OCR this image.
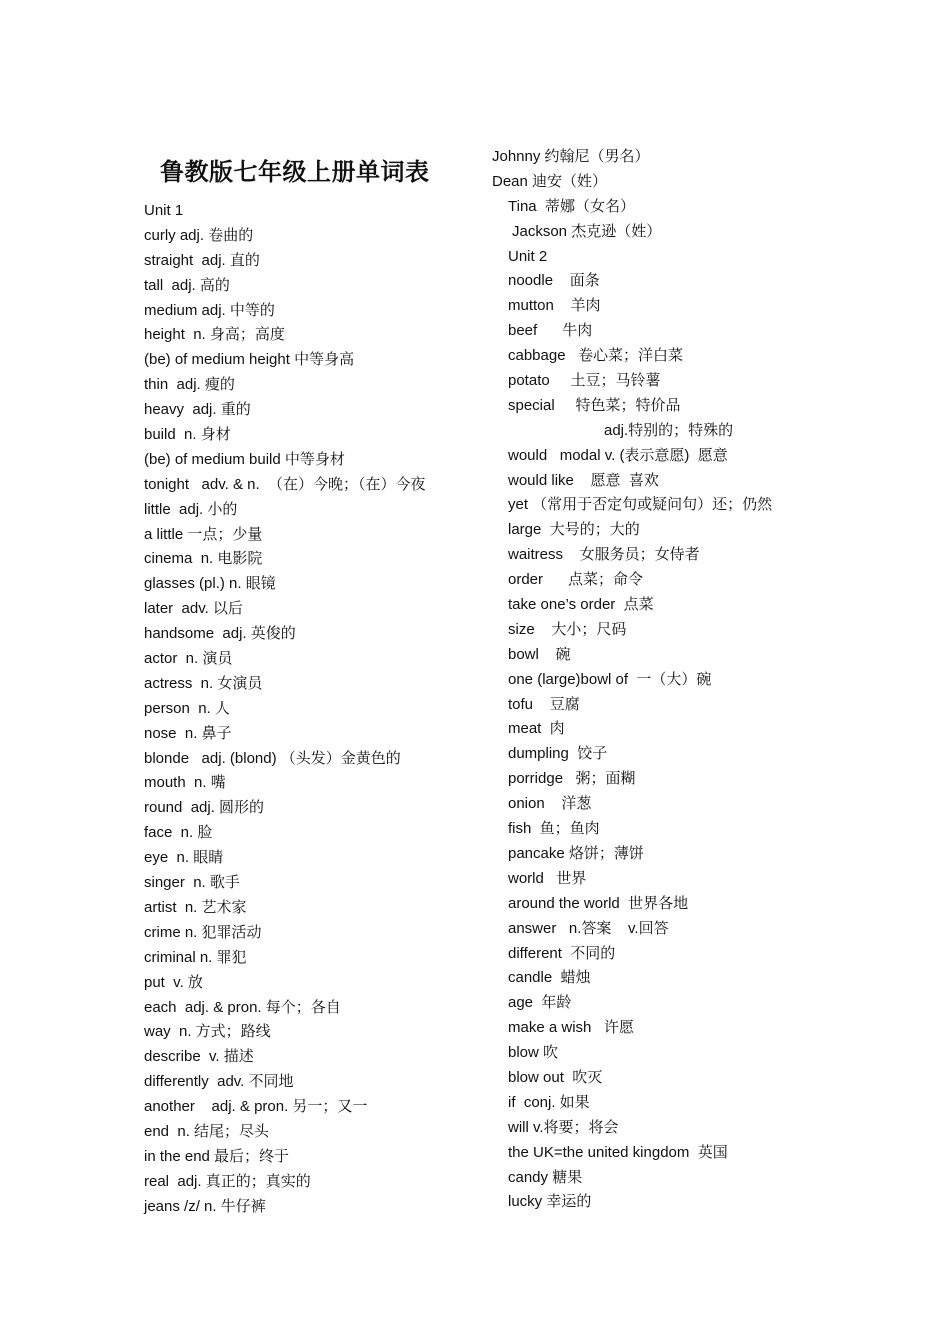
鲁教版七年级上册单词表
Unit 1
curly adj. 卷曲的
straight  adj. 直的
tall  adj. 高的
medium adj. 中等的
height  n. 身高；高度
(be) of medium height 中等身高
thin  adj. 瘦的
heavy  adj. 重的
build  n. 身材
(be) of medium build 中等身材
tonight   adv. & n.  （在）今晚；（在）今夜
little  adj. 小的
a little 一点；少量
cinema  n. 电影院
glasses (pl.) n. 眼镜
later  adv. 以后
handsome  adj. 英俊的
actor  n. 演员
actress  n. 女演员
person  n. 人
nose  n. 鼻子
blonde   adj. (blond) （头发）金黄色的
mouth  n. 嘴
round  adj. 圆形的
face  n. 脸
eye  n. 眼睛
singer  n. 歌手
artist  n. 艺术家
crime n. 犯罪活动
criminal n. 罪犯
put  v. 放
each  adj. & pron. 每个；各自
way  n. 方式；路线
describe  v. 描述
differently  adv. 不同地
another    adj. & pron. 另一；又一
end  n. 结尾；尽头
in the end 最后；终于
real  adj. 真正的；真实的
jeans /z/ n. 牛仔裤
Johnny 约翰尼（男名）
Dean 迪安（姓）
Tina  蒂娜（女名）
Jackson 杰克逊（姓）
Unit 2
noodle    面条
mutton    羊肉
beef      牛肉
cabbage   卷心菜；洋白菜
potato     土豆；马铃薯
special     特色菜；特价品
adj.特别的；特殊的
would   modal v. (表示意愿)  愿意
would like    愿意  喜欢
yet （常用于否定句或疑问句）还；仍然
large  大号的；大的
waitress    女服务员；女侍者
order      点菜；命令
take one’s order  点菜
size    大小；尺码
bowl    碗
one (large)bowl of  一（大）碗
tofu    豆腐
meat  肉
dumpling  饺子
porridge   粥；面糊
onion    洋葱
fish  鱼；鱼肉
pancake 烙饼；薄饼
world   世界
around the world  世界各地
answer   n.答案    v.回答
different  不同的
candle  蜡烛
age  年龄
make a wish   许愿
blow 吹
blow out  吹灭
if  conj. 如果
will v.将要；将会
the UK=the united kingdom  英国
candy 糖果
lucky 幸运的
